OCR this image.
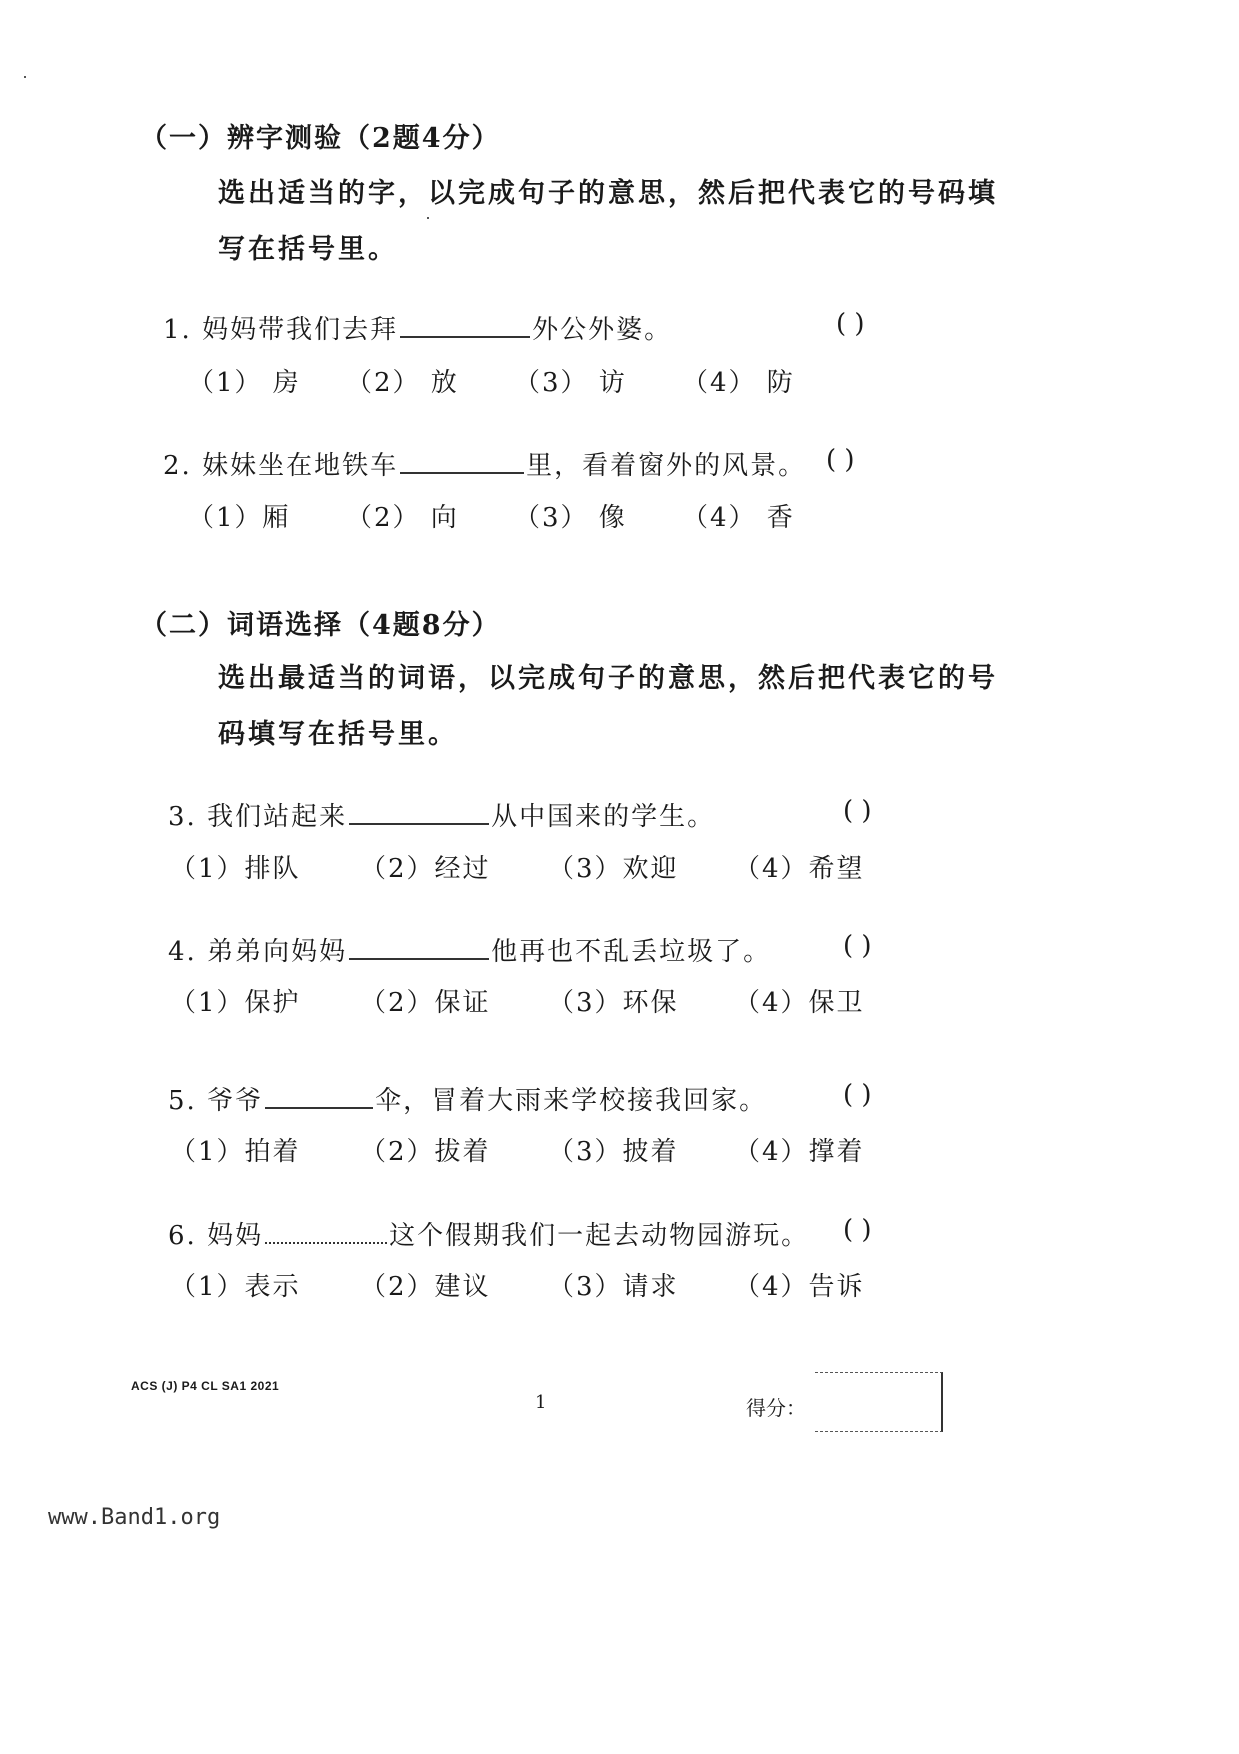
（一）辨字测验（2题4分）
选出适当的字，以完成句子的意思，然后把代表它的号码填
写在括号里。
1. 妈妈带我们去拜	外公外婆。	( )
（1） 房 （2） 放 （3） 访 （4） 防
2. 妹妹坐在地铁车	里，看着窗外的风景。 ( )
（1）厢 （2） 向 （3） 像 （4） 香
（二）词语选择（4题8分）
选出最适当的词语，以完成句子的意思，然后把代表它的号
码填写在括号里。
3. 我们站起来	从中国来的学生。	( )
（1）排队 （2）经过 （3）欢迎 （4）希望
4. 弟弟向妈妈	他再也不乱丢垃圾了。	( )
（1）保护 （2）保证 （3）环保 （4）保卫
5. 爷爷	伞，冒着大雨来学校接我回家。	( )
（1）拍着 （2）拔着 （3）披着 （4）撑着
6. 妈妈	这个假期我们一起去动物园游玩。 ( )
（1）表示 （2）建议 （3）请求 （4）告诉
ACS (J) P4 CL SA1 2021
1	得分：
www.Band1.org
